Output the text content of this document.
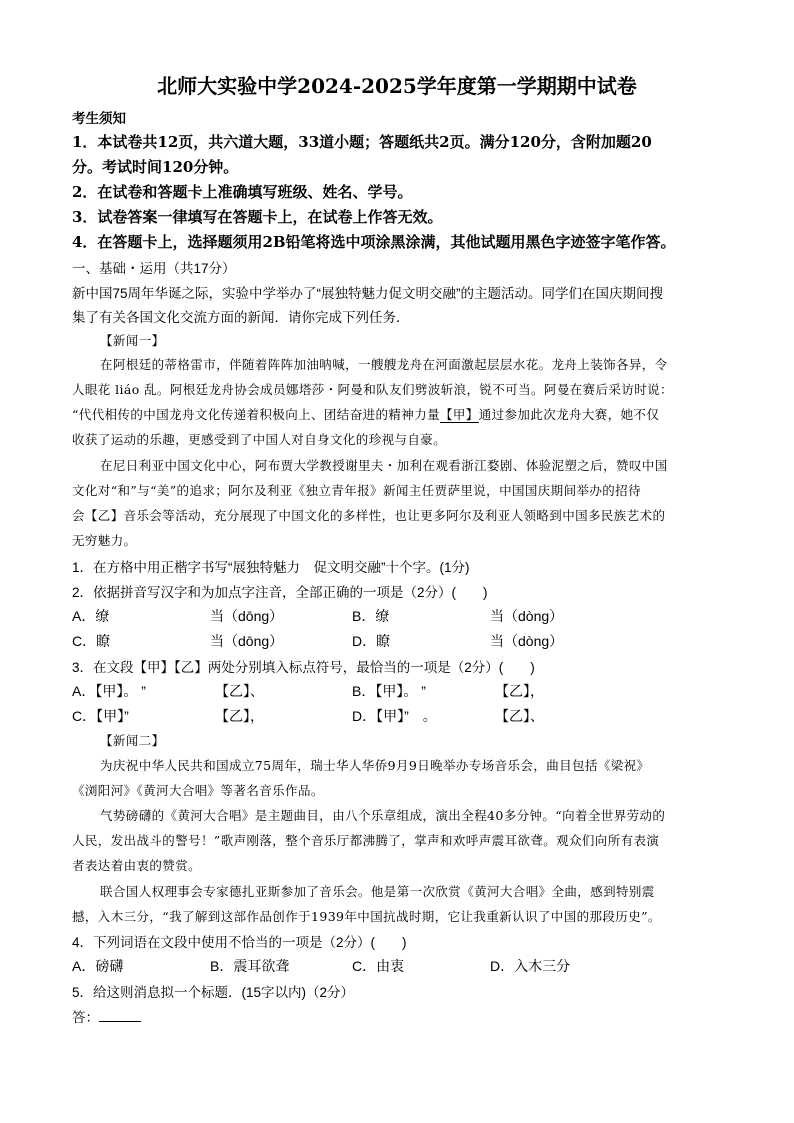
北师大实验中学2024-2025学年度第一学期期中试卷
考生须知
1．本试卷共12页，共六道大题，33道小题；答题纸共2页。满分120分，含附加题20
分。考试时间120分钟。
2．在试卷和答题卡上准确填写班级、姓名、学号。
3．试卷答案一律填写在答题卡上，在试卷上作答无效。
4．在答题卡上，选择题须用2B铅笔将选中项涂黑涂满，其他试题用黑色字迹签字笔作答。
一、基础・运用（共17分）
新中国75周年华诞之际，实验中学举办了“展独特魅力促文明交融”的主题活动。同学们在国庆期间搜
集了有关各国文化交流方面的新闻．请你完成下列任务．
【新闻一】
在阿根廷的蒂格雷市，伴随着阵阵加油呐喊，一艘艘龙舟在河面激起层层水花。龙舟上装饰各异，令
人眼花 liáo 乱。阿根廷龙舟协会成员娜塔莎・阿曼和队友们劈波斩浪，锐不可当。阿曼在赛后采访时说：
“代代相传的中国龙舟文化传递着积极向上、团结奋进的精神力量【甲】通过参加此次龙舟大赛，她不仅
收获了运动的乐趣，更感受到了中国人对自身文化的珍视与自豪。
在尼日利亚中国文化中心，阿布贾大学教授谢里夫・加利在观看浙江婺剧、体验泥塑之后，赞叹中国
文化对“和”与“美”的追求；阿尔及利亚《独立青年报》新闻主任贾萨里说，中国国庆期间举办的招待
会【乙】音乐会等活动，充分展现了中国文化的多样性，也让更多阿尔及利亚人领略到中国多民族艺术的
无穷魅力。
1．在方格中用正楷字书写“展独特魅力　促文明交融”十个字。(1分)
2．依据拼音写汉字和为加点字注音，全部正确的一项是（2分）(　　)
A．缭	当（dōng）	B．缭	当（dòng）
C．瞭	当（dōng）	D．瞭	当（dòng）
3．在文段【甲】【乙】两处分别填入标点符号，最恰当的一项是（2分）(　　)
A．【甲】。 ”	【乙】、	B．【甲】。 ”	【乙】，
C．【甲】”	【乙】，	D．【甲】”　。	【乙】、
【新闻二】
为庆祝中华人民共和国成立75周年，瑞士华人华侨9月9日晚举办专场音乐会，曲目包括《梁祝》
《浏阳河》《黄河大合唱》等著名音乐作品。
气势磅礴的《黄河大合唱》是主题曲目，由八个乐章组成，演出全程40多分钟。“向着全世界劳动的
人民，发出战斗的警号！”歌声刚落，整个音乐厅都沸腾了，掌声和欢呼声震耳欲聋。观众们向所有表演
者表达着由衷的赞赏。
联合国人权理事会专家德扎亚斯参加了音乐会。他是第一次欣赏《黄河大合唱》全曲，感到特别震
撼，入木三分，“我了解到这部作品创作于1939年中国抗战时期，它让我重新认识了中国的那段历史”。
4．下列词语在文段中使用不恰当的一项是（2分）(　　)
A．磅礴	B．震耳欲聋	C．由衷	D．入木三分
5．给这则消息拟一个标题．(15字以内)（2分）
答：
